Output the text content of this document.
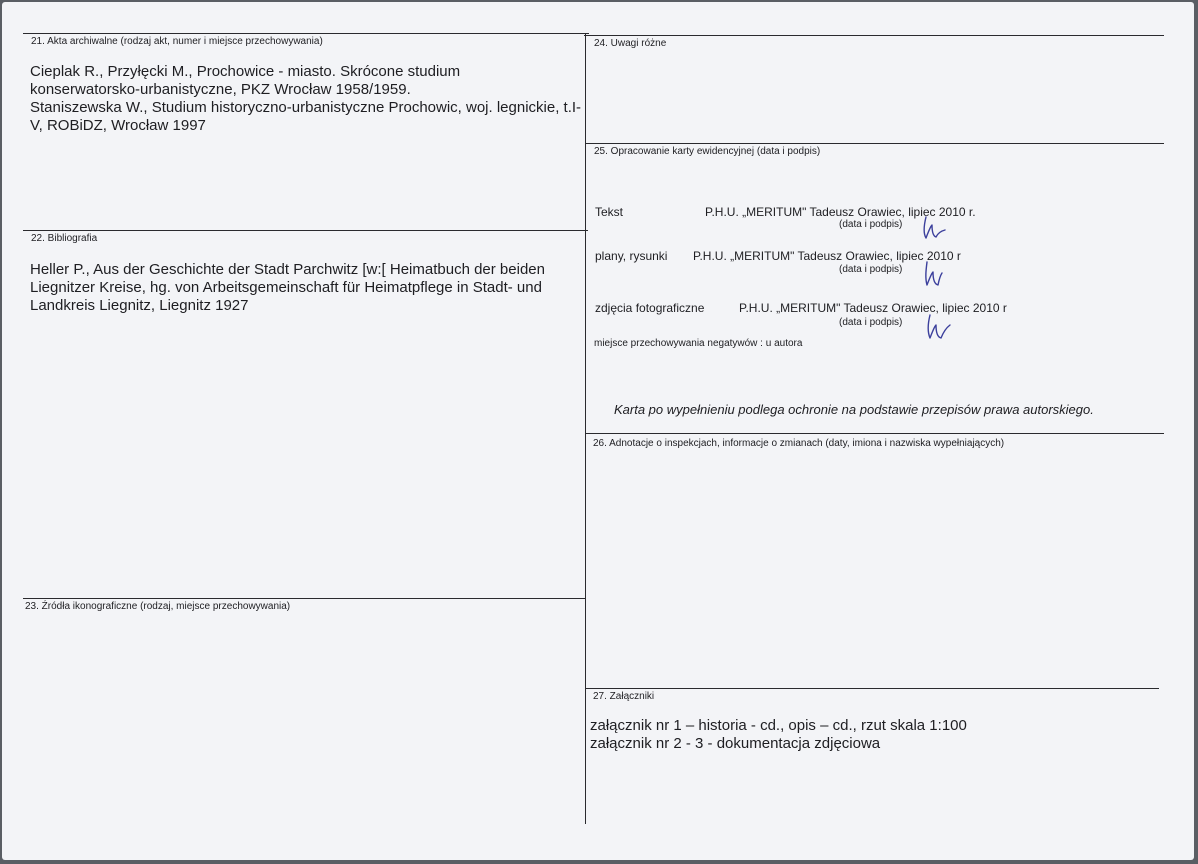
21. Akta archiwalne (rodzaj akt, numer i miejsce przechowywania)
Cieplak R., Przyłęcki M., Prochowice - miasto. Skrócone studium konserwatorsko-urbanistyczne, PKZ Wrocław 1958/1959.
Staniszewska W., Studium historyczno-urbanistyczne Prochowic, woj. legnickie, t.I-V, ROBiDZ, Wrocław 1997
22. Bibliografia
Heller P., Aus der Geschichte der Stadt Parchwitz [w:[ Heimatbuch der beiden Liegnitzer Kreise, hg. von Arbeitsgemeinschaft für Heimatpflege in Stadt- und Landkreis Liegnitz, Liegnitz 1927
23. Źródła ikonograficzne (rodzaj, miejsce przechowywania)
24. Uwagi różne
25. Opracowanie karty ewidencyjnej (data i podpis)
Tekst	P.H.U. „MERITUM" Tadeusz Orawiec, lipiec 2010 r.
(data i podpis)
plany, rysunki P.H.U. „MERITUM" Tadeusz Orawiec, lipiec 2010 r
(data i podpis)
zdjęcia fotograficzne	P.H.U. „MERITUM" Tadeusz Orawiec, lipiec 2010 r
(data i podpis)
miejsce przechowywania negatywów : u autora
Karta po wypełnieniu podlega ochronie na podstawie przepisów prawa autorskiego.
26. Adnotacje o inspekcjach, informacje o zmianach (daty, imiona i nazwiska wypełniających)
27. Załączniki
załącznik nr 1 – historia - cd., opis – cd., rzut skala 1:100
załącznik nr 2 - 3 - dokumentacja zdjęciowa
